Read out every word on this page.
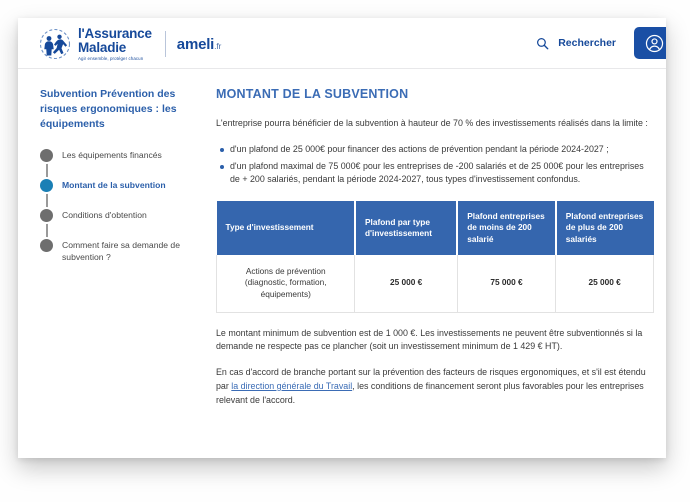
l'Assurance
Maladie
Agir ensemble, protéger chacun
ameli.fr	Rechercher
Subvention Prévention des risques ergonomiques : les équipements
Les équipements financés
Montant de la subvention
Conditions d'obtention
Comment faire sa demande de subvention ?
MONTANT DE LA SUBVENTION

L'entreprise pourra bénéficier de la subvention à hauteur de 70 % des investissements réalisés dans la limite :

d'un plafond de 25 000€ pour financer des actions de prévention pendant la période 2024-2027 ;
d'un plafond maximal de 75 000€ pour les entreprises de -200 salariés et de 25 000€ pour les entreprises de + 200 salariés, pendant la période 2024-2027, tous types d'investissement confondus.
Type d'investissement	Plafond par type d'investissement	Plafond entreprises de moins de 200 salarié	Plafond entreprises de plus de 200 salariés
Actions de prévention (diagnostic, formation, équipements)	25 000 €	75 000 €	25 000 €

Le montant minimum de subvention est de 1 000 €. Les investissements ne peuvent être subventionnés si la demande ne respecte pas ce plancher (soit un investissement minimum de 1 429 € HT).

En cas d'accord de branche portant sur la prévention des facteurs de risques ergonomiques, et s'il est étendu par la direction générale du Travail, les conditions de financement seront plus favorables pour les entreprises relevant de l'accord.
